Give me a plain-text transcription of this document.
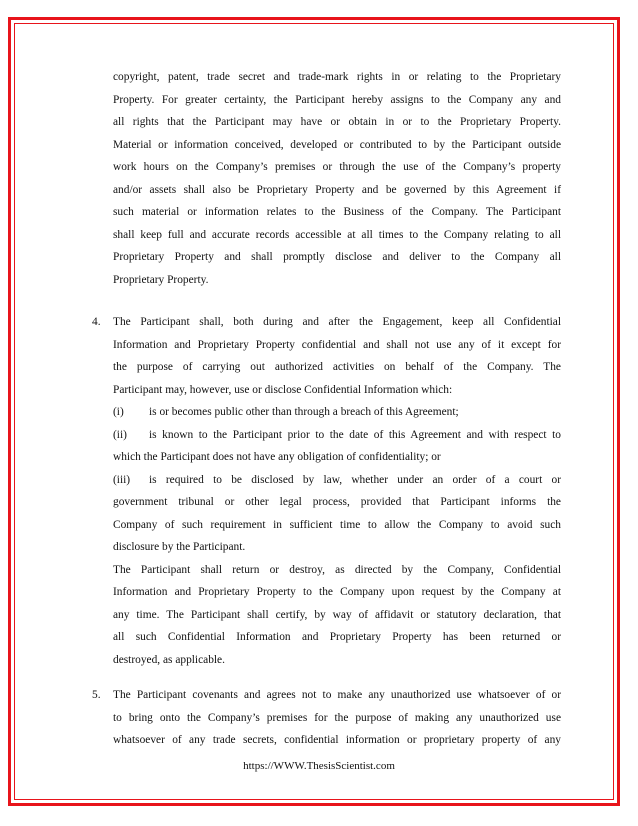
copyright, patent, trade secret and trade-mark rights in or relating to the Proprietary
Property. For greater certainty, the Participant hereby assigns to the Company any and
all rights that the Participant may have or obtain in or to the Proprietary Property.
Material or information conceived, developed or contributed to by the Participant outside
work hours on the Company’s premises or through the use of the Company’s property
and/or assets shall also be Proprietary Property and be governed by this Agreement if
such material or information relates to the Business of the Company. The Participant
shall keep full and accurate records accessible at all times to the Company relating to all
Proprietary Property and shall promptly disclose and deliver to the Company all
Proprietary Property.
4. The Participant shall, both during and after the Engagement, keep all Confidential
Information and Proprietary Property confidential and shall not use any of it except for
the purpose of carrying out authorized activities on behalf of the Company. The
Participant may, however, use or disclose Confidential Information which:
(i) is or becomes public other than through a breach of this Agreement;
(ii) is known to the Participant prior to the date of this Agreement and with respect to
which the Participant does not have any obligation of confidentiality; or
(iii) is required to be disclosed by law, whether under an order of a court or
government tribunal or other legal process, provided that Participant informs the
Company of such requirement in sufficient time to allow the Company to avoid such
disclosure by the Participant.
The Participant shall return or destroy, as directed by the Company, Confidential
Information and Proprietary Property to the Company upon request by the Company at
any time. The Participant shall certify, by way of affidavit or statutory declaration, that
all such Confidential Information and Proprietary Property has been returned or
destroyed, as applicable.
5. The Participant covenants and agrees not to make any unauthorized use whatsoever of or
to bring onto the Company’s premises for the purpose of making any unauthorized use
whatsoever of any trade secrets, confidential information or proprietary property of any
https://WWW.ThesisScientist.com
